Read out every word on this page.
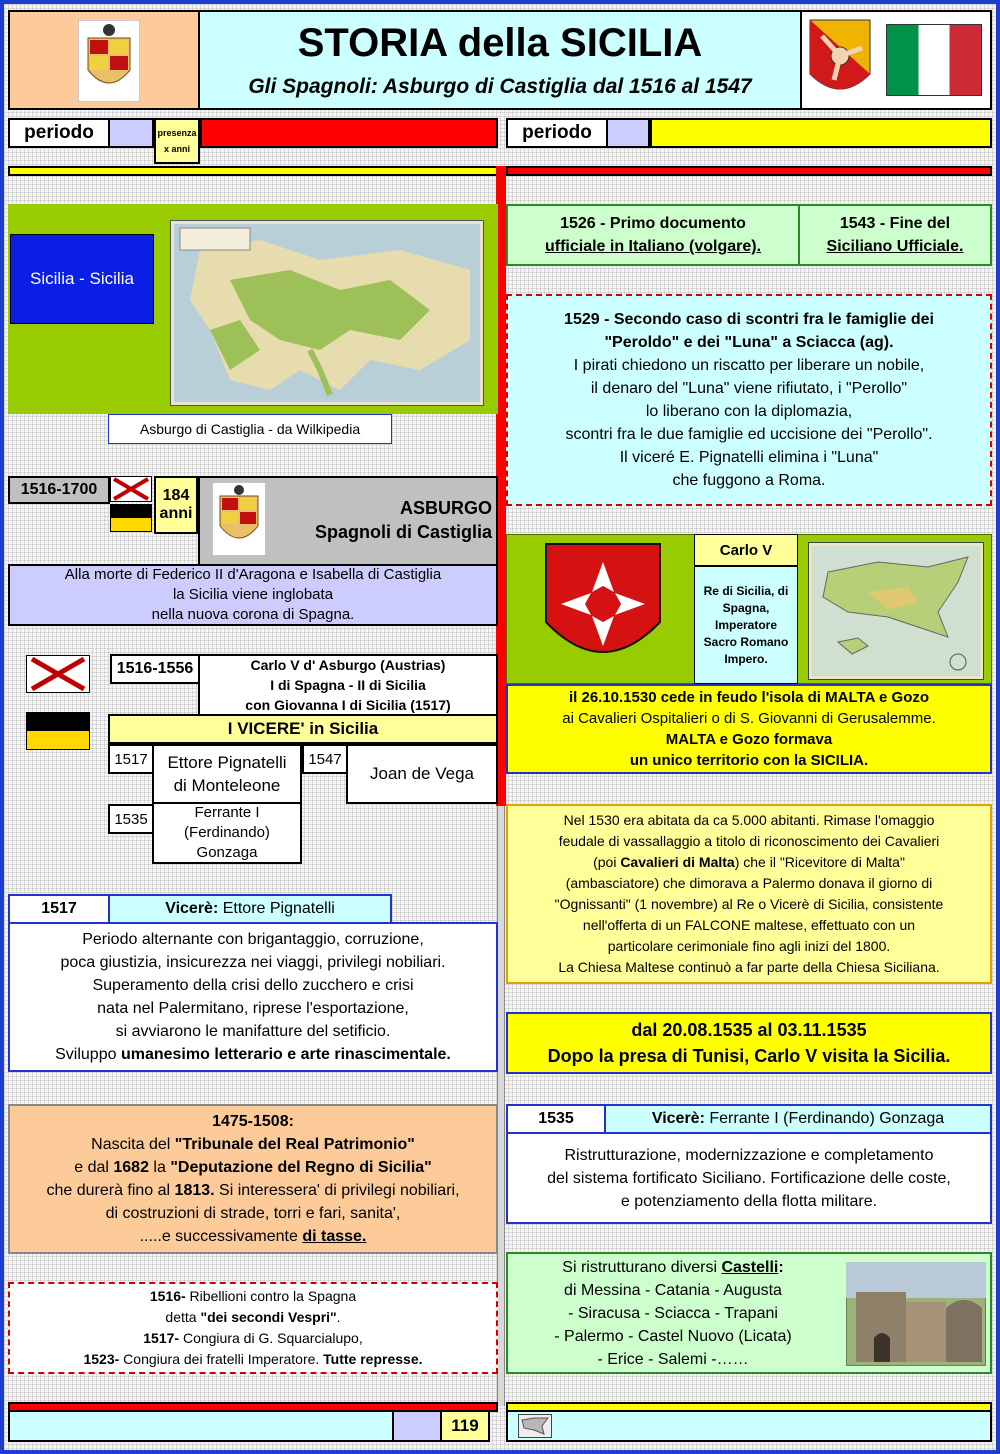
STORIA della SICILIA
Gli Spagnoli: Asburgo di Castiglia dal 1516 al 1547
periodo	presenza
x anni
periodo
Sicilia - Sicilia
Asburgo di Castiglia - da Wilkipedia
1516-1700	184
anni	ASBURGO
Spagnoli di Castiglia
Alla morte di Federico II d'Aragona e Isabella di Castiglia
la Sicilia viene inglobata
nella nuova corona di Spagna.
1516-1556	Carlo V d' Asburgo (Austrias)
I di Spagna - II di Sicilia
con Giovanna I di Sicilia (1517)
I VICERE' in Sicilia
1517	Ettore Pignatelli
di Monteleone
1547
Joan de Vega
1535	Ferrante I
(Ferdinando)
Gonzaga
1517	Vicerè:
Ettore Pignatelli
Periodo alternante con brigantaggio, corruzione,
poca giustizia, insicurezza nei viaggi, privilegi nobiliari.
Superamento della crisi dello zucchero e crisi
nata nel Palermitano, riprese l'esportazione,
si avviarono le manifatture del setificio.
Sviluppo umanesimo letterario e arte rinascimentale.
1475-1508:
Nascita del "Tribunale del Real Patrimonio"
e dal 1682 la "Deputazione del Regno di Sicilia"
che durerà fino al 1813. Si interessera' di privilegi nobiliari,
di costruzioni di strade, torri e fari, sanita',
.....e successivamente di tasse.
1516- Ribellioni contro la Spagna
detta "dei secondi Vespri".
1517- Congiura di G. Squarcialupo,
1523- Congiura dei fratelli Imperatore. Tutte represse.
1526 - Primo documento
ufficiale in Italiano (volgare).
1543 - Fine del
Siciliano Ufficiale.
1529 - Secondo caso di scontri fra le famiglie dei
"Peroldo" e dei "Luna" a Sciacca (ag).
I pirati chiedono un riscatto per liberare un nobile,
il denaro del "Luna" viene rifiutato, i "Perollo"
lo liberano con la diplomazia,
scontri fra le due famiglie ed uccisione dei "Perollo".
Il viceré E. Pignatelli elimina i "Luna"
che fuggono a Roma.
Carlo V
Re di Sicilia, di
Spagna,
Imperatore
Sacro Romano
Impero.
il 26.10.1530 cede in feudo l'isola di MALTA e Gozo
ai Cavalieri Ospitalieri o di S. Giovanni di Gerusalemme.
MALTA e Gozo formava
un unico territorio con la SICILIA.
Nel 1530 era abitata da ca 5.000 abitanti. Rimase l'omaggio
feudale di vassallaggio a titolo di riconoscimento dei Cavalieri
(poi Cavalieri di Malta) che il "Ricevitore di Malta"
(ambasciatore) che dimorava a Palermo donava il giorno di
"Ognissanti" (1 novembre) al Re o Vicerè di Sicilia, consistente
nell'offerta di un FALCONE maltese, effettuato con un
particolare cerimoniale fino agli inizi del 1800.
La Chiesa Maltese continuò a far parte della Chiesa Siciliana.
dal 20.08.1535 al 03.11.1535
Dopo la presa di Tunisi, Carlo V visita la Sicilia.
1535	Vicerè:
Ferrante I (Ferdinando) Gonzaga
Ristrutturazione, modernizzazione e completamento
del sistema fortificato Siciliano. Fortificazione delle coste,
e potenziamento della flotta militare.
Si ristrutturano diversi Castelli:
di Messina - Catania - Augusta
- Siracusa - Sciacca - Trapani
- Palermo - Castel Nuovo (Licata)
- Erice - Salemi -……
119
